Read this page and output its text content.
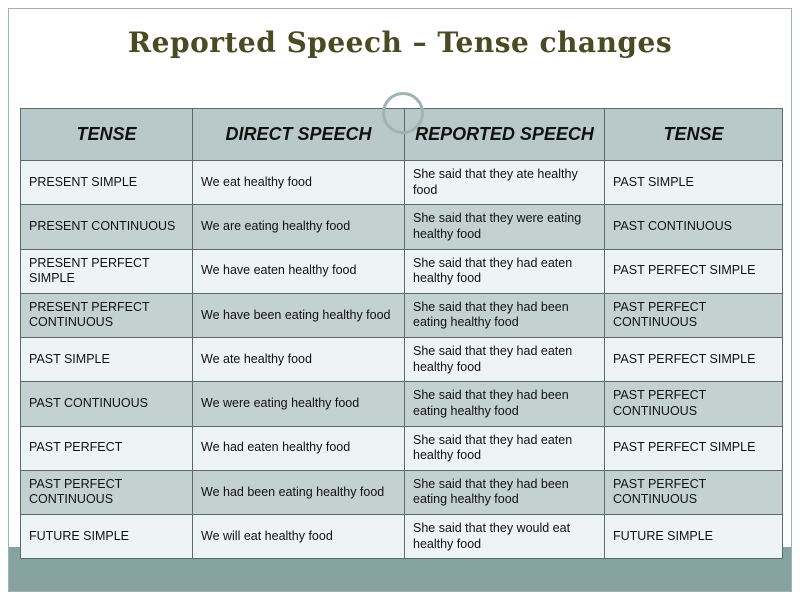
Reported Speech – Tense changes
TENSE	DIRECT SPEECH	REPORTED SPEECH	TENSE
PRESENT SIMPLE	We eat healthy food	She said that they ate healthy food	PAST SIMPLE
PRESENT CONTINUOUS	We are eating healthy food	She said that they were eating healthy food	PAST CONTINUOUS
PRESENT PERFECT SIMPLE	We have eaten healthy food	She said that they had eaten healthy food	PAST PERFECT SIMPLE
PRESENT PERFECT CONTINUOUS	We have been eating healthy food	She said that they had been eating healthy food	PAST PERFECT CONTINUOUS
PAST SIMPLE	We ate healthy food	She said that they had eaten healthy food	PAST PERFECT SIMPLE
PAST CONTINUOUS	We were eating healthy food	She said that they had been eating healthy food	PAST PERFECT CONTINUOUS
PAST PERFECT	We had eaten healthy food	She said that they had eaten healthy food	PAST PERFECT SIMPLE
PAST PERFECT CONTINUOUS	We had been eating healthy food	She said that they had been eating healthy food	PAST PERFECT CONTINUOUS
FUTURE SIMPLE	We will eat healthy food	She said that they would eat healthy food	FUTURE SIMPLE
